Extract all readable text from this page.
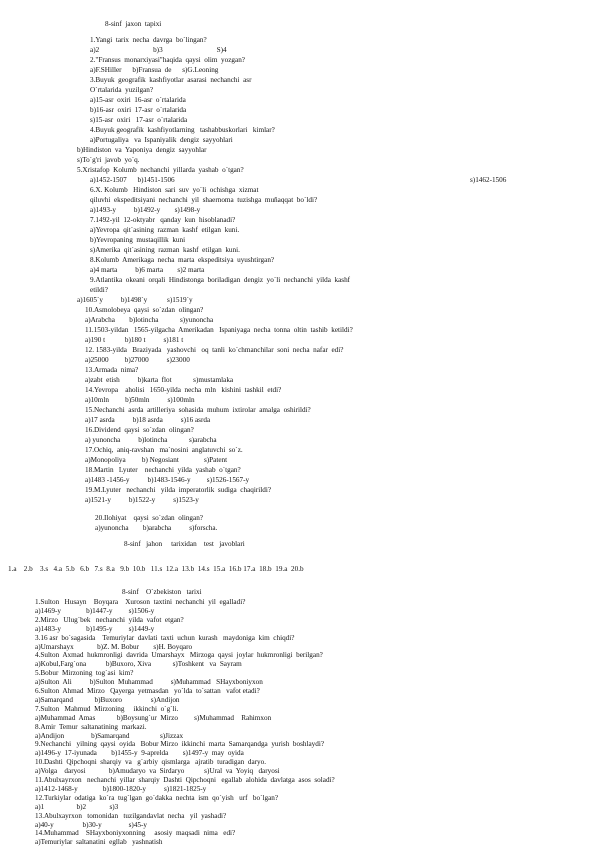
8-sinf  jaxon  tapixi
1.Yangi  tarix  necha  davrga  bo`lingan?
a)2                              b)3                              S)4
2."Fransus  monarxiyasi"haqida  qaysi  olim  yozgan?
a)F.SHiller      b)Fransua  de      s)G.Leoning
3.Buyuk  geografik  kashfiyotlar  asarasi  nechanchi  asr
O`rtalarida  yuzilgan?
a)15-asr  oxiri  16-asr  o`rtalarida
b)16-asr  oxiri  17-asr  o`rtalarida
s)15-asr  oxiri   17-asr  o`rtalarida
4.Buyuk geografik  kashfiyotlarning   tashabbuskorlari   kimlar?
a)Portugaliya   va  Ispaniyalik  dengiz  sayyohlari
b)Hindiston  va  Yaponiya  dengiz  sayyohlar
s)To`g'ri  javob  yo`q.
5.Xristafop  Kolumb  nechanchi  yillarda  yashab  o`tgan?
a)1452-1507      b)1451-1506	s)1462-1506
6.X. Kolumb   Hindiston  sari  suv  yo`li  ochishga  xizmat
qiluvhi  ekspeditsiyani  nechanchi  yil  shaernoma  tuzishga  muñaqqat  bo`ldi?
a)1493-y          b)1492-y        s)1498-y
7.1492-yil  12-oktyabr   qanday  kun  hisoblanadi?
a)Yevropa  qit`asining  razman  kashf  etilgan  kuni.
b)Yevropaning  mustaqillik  kuni
s)Amerika  qit`asining  razman  kashf  etilgan  kuni.
8.Kolumb  Amerikaga  necha  marta  ekspeditsiya  uyushtirgan?
a)4 marta          b)6 marta        s)2 marta
9.Atlantika  okeani  orqali  Hindistonga  boriladigan  dengiz  yo`li  nechanchi  yilda  kashf
etildi?
a)1605`y          b)1498`y           s)1519`y
10.Asmolobeya  qaysi  so`zdan  olingan?
a)Arabcha        b)lotincha            s)yunoncha
11.1503-yildan   1565-yilgacha  Amerikadan   Ispaniyaga  necha  tonna  oltin  tashib  ketildi?
a)190 t           b)180 t          s)181 t
12. 1583-yilda   Braziyada   yashovchi   oq  tanli  ko`chmanchilar  soni  necha  nafar  edi?
a)25000         b)27000          s)23000
13.Armada  nima?
a)zabt  etish          b)karta  flot            s)mustamlaka
14.Yevropa    aholisi   1650-yilda  necha  mln   kishini  tashkil  etdi?
a)10mln         b)50mln          s)100mln
15.Nechanchi  asrda  artilleriya  sohasida  muhum  ixtirolar  amalga  oshirildi?
a)17 asrda          b)18 asrda          s)16 asrda
16.Dividend  qaysi  so`zdan  olingan?
a) yunoncha          b)lotincha            s)arabcha
17.Ochiq,  aniq-ravshan   ma`nosini  anglatuvchi  so`z.
a)Monopoliya         b) Negosiant              s)Patent
18.Martin   Lyuter    nechanchi  yilda  yashab  o`tgan?
a)1483 -1456-y          b)1483-1546-y         s)1526-1567-y
19.M.Lyuter   nechanchi   yilda  imperatorlik  sudiga  chaqirildi?
a)1521-y          b)1522-y          s)1523-y
20.Ilohiyat    qaysi  so`zdan  olingan?
a)yunoncha        b)arabcha          s)forscha.
8-sinf   jahon     tarixidan    test   javoblari
1.a    2.b    3.s   4.a  5.b   6.b   7.s  8.a   9.b  10.b   11.s  12.a  13.b  14.s  15.a  16.b 17.a  18.b  19.a  20.b
8-sinf    O`zbekiston   tarixi
1.Sulton   Husayn    Boyqara    Xuroson  taxtini  nechanchi  yil  egalladi?
a)1469-y              b)1447-y         s)1506-y
2.Mirzo   Ulug`bek   nechanchi  yilda  vafot  etgan?
a)1483-y              b)1495-y         s)1449-y
3.16 asr  bo`sagasida    Temuriylar  davlati  taxti  uchun  kurash   maydoniga  kim  chiqdi?
a)Umarshayx             b)Z. M. Bobur        s)H. Boyqaro
4.Sulton  Axmad  hukmronligi  davrida  Umarshayx   Mirzoga  qaysi  joylar  hukmronligi  berilgan?
a)Kobul,Farg`ona           b)Buxoro, Xiva            s)Toshkent   va  Sayram
5.Bobur  Mirzoning  tog`asi  kim?
a)Sulton  Ali          b)Sulton  Muhammad          s)Muhammad   SHayxboniyxon
6.Sulton  Ahmad  Mirzo   Qayerga  yetmasdan   yo`lda  to`sattan   vafot etadi?
a)Samarqand            b)Buxoro                s)Andijon
7.Sulton   Mahmud  Mirzoning     ikkinchi  o`g`li.
a)Muhammad  Amas            b)Boysung`ur  Mirzo         s)Muhammad    Rahimxon
8.Amir  Temur  saltanatining  markazi.
a)Andijon               b)Samarqand                 s)Jizzax
9.Nechanchi   yilning  qaysi  oyida   Bobur Mirzo  ikkinchi  marta  Samarqandga  yurish  boshlaydi?
a)1496-y  17-iyunada        b)1455-y  9-aprelda        s)1497-y  may  oyida
10.Dashti  Qipchoqni  sharqiy  va   g`arbiy  qismlarga   ajratib  turadigan  daryo.
a)Volga    daryosi             b)Amudaryo  va  Sirdaryo           s)Ural  va  Yoyiq   daryosi
11.Abulxayrxon   nechanchi  yillar  sharqiy  Dashti  Qipchoqni   egallab  alohida  davlatga  asos  soladi?
a)1412-1468-y              b)1800-1820-y          s)1821-1825-y
12.Turkiylar  odatiga  ko`ra  tug`lgan  go`dakka  nechta  ism  qo`yish   urf   bo`lgan?
a)1                  b)2             s)3
13.Abulxayrxon   tomonidan   tuzilgandavlat  necha   yil  yashadi?
a)40-y                b)30-y               s)45-y
14.Muhammad    SHayxboniyxonning     asosiy  maqsadi  nima   edi?
a)Temuriylar  saltanatini  egllab   yashnatish
